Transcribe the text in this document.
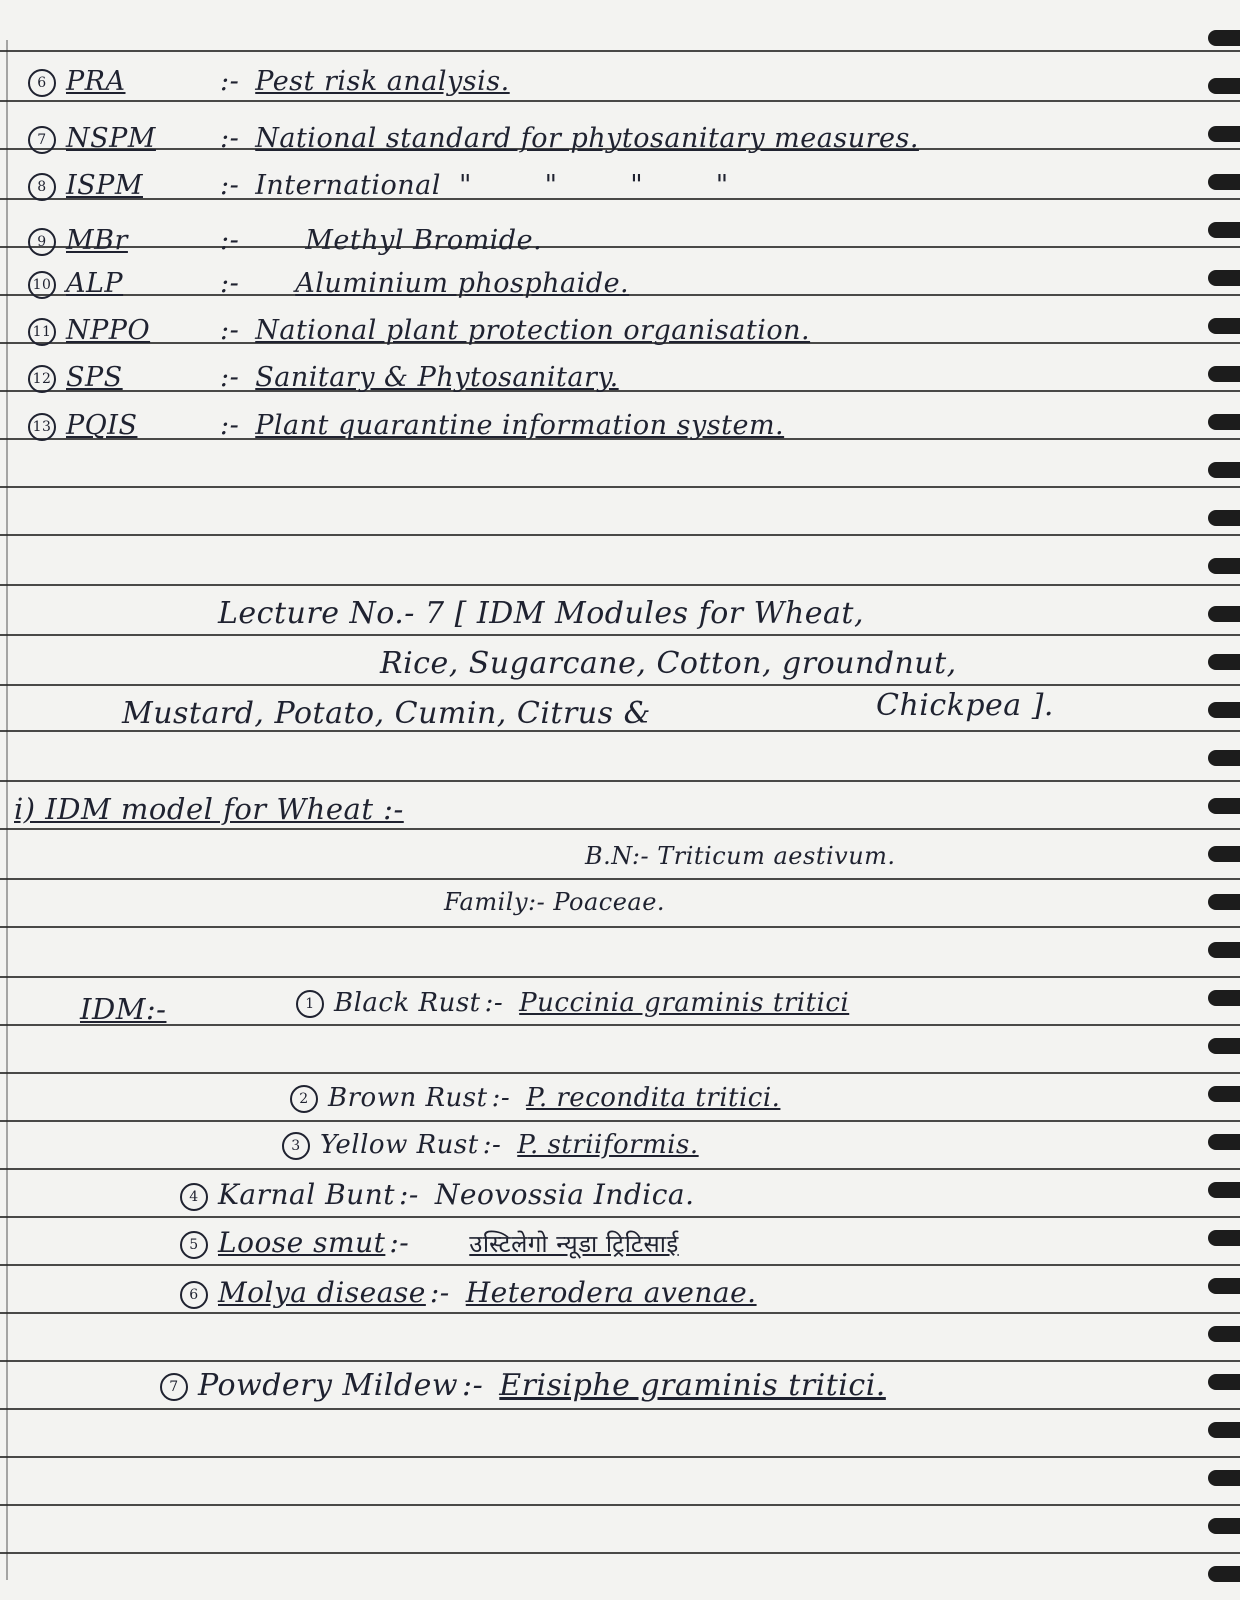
6 PRA	:- Pest risk analysis.
7 NSPM :- National standard for phytosanitary measures.
8 ISPM	:- International  "        "        "        "
9 MBr	:- Methyl Bromide.
10 ALP	:- Aluminium phosphaide.
11 NPPO	:- National plant protection organisation.
12 SPS	:- Sanitary & Phytosanitary.
13 PQIS	:- Plant quarantine information system.
Lecture No.- 7 [ IDM Modules for Wheat,
Rice, Sugarcane, Cotton, groundnut,
Mustard, Potato, Cumin, Citrus &	Chickpea ].
i) IDM model for Wheat :-
B.N:- Triticum aestivum.
Family:- Poaceae.
IDM:-	1 Black Rust :- Puccinia graminis tritici
2 Brown Rust :- P. recondita tritici.
3 Yellow Rust :- P. striiformis.
4 Karnal Bunt :- Neovossia Indica.
5 Loose smut :-	उस्टिलेगो न्यूडा ट्रिटिसाई
6 Molya disease :- Heterodera avenae.
7 Powdery Mildew :- Erisiphe graminis tritici.
